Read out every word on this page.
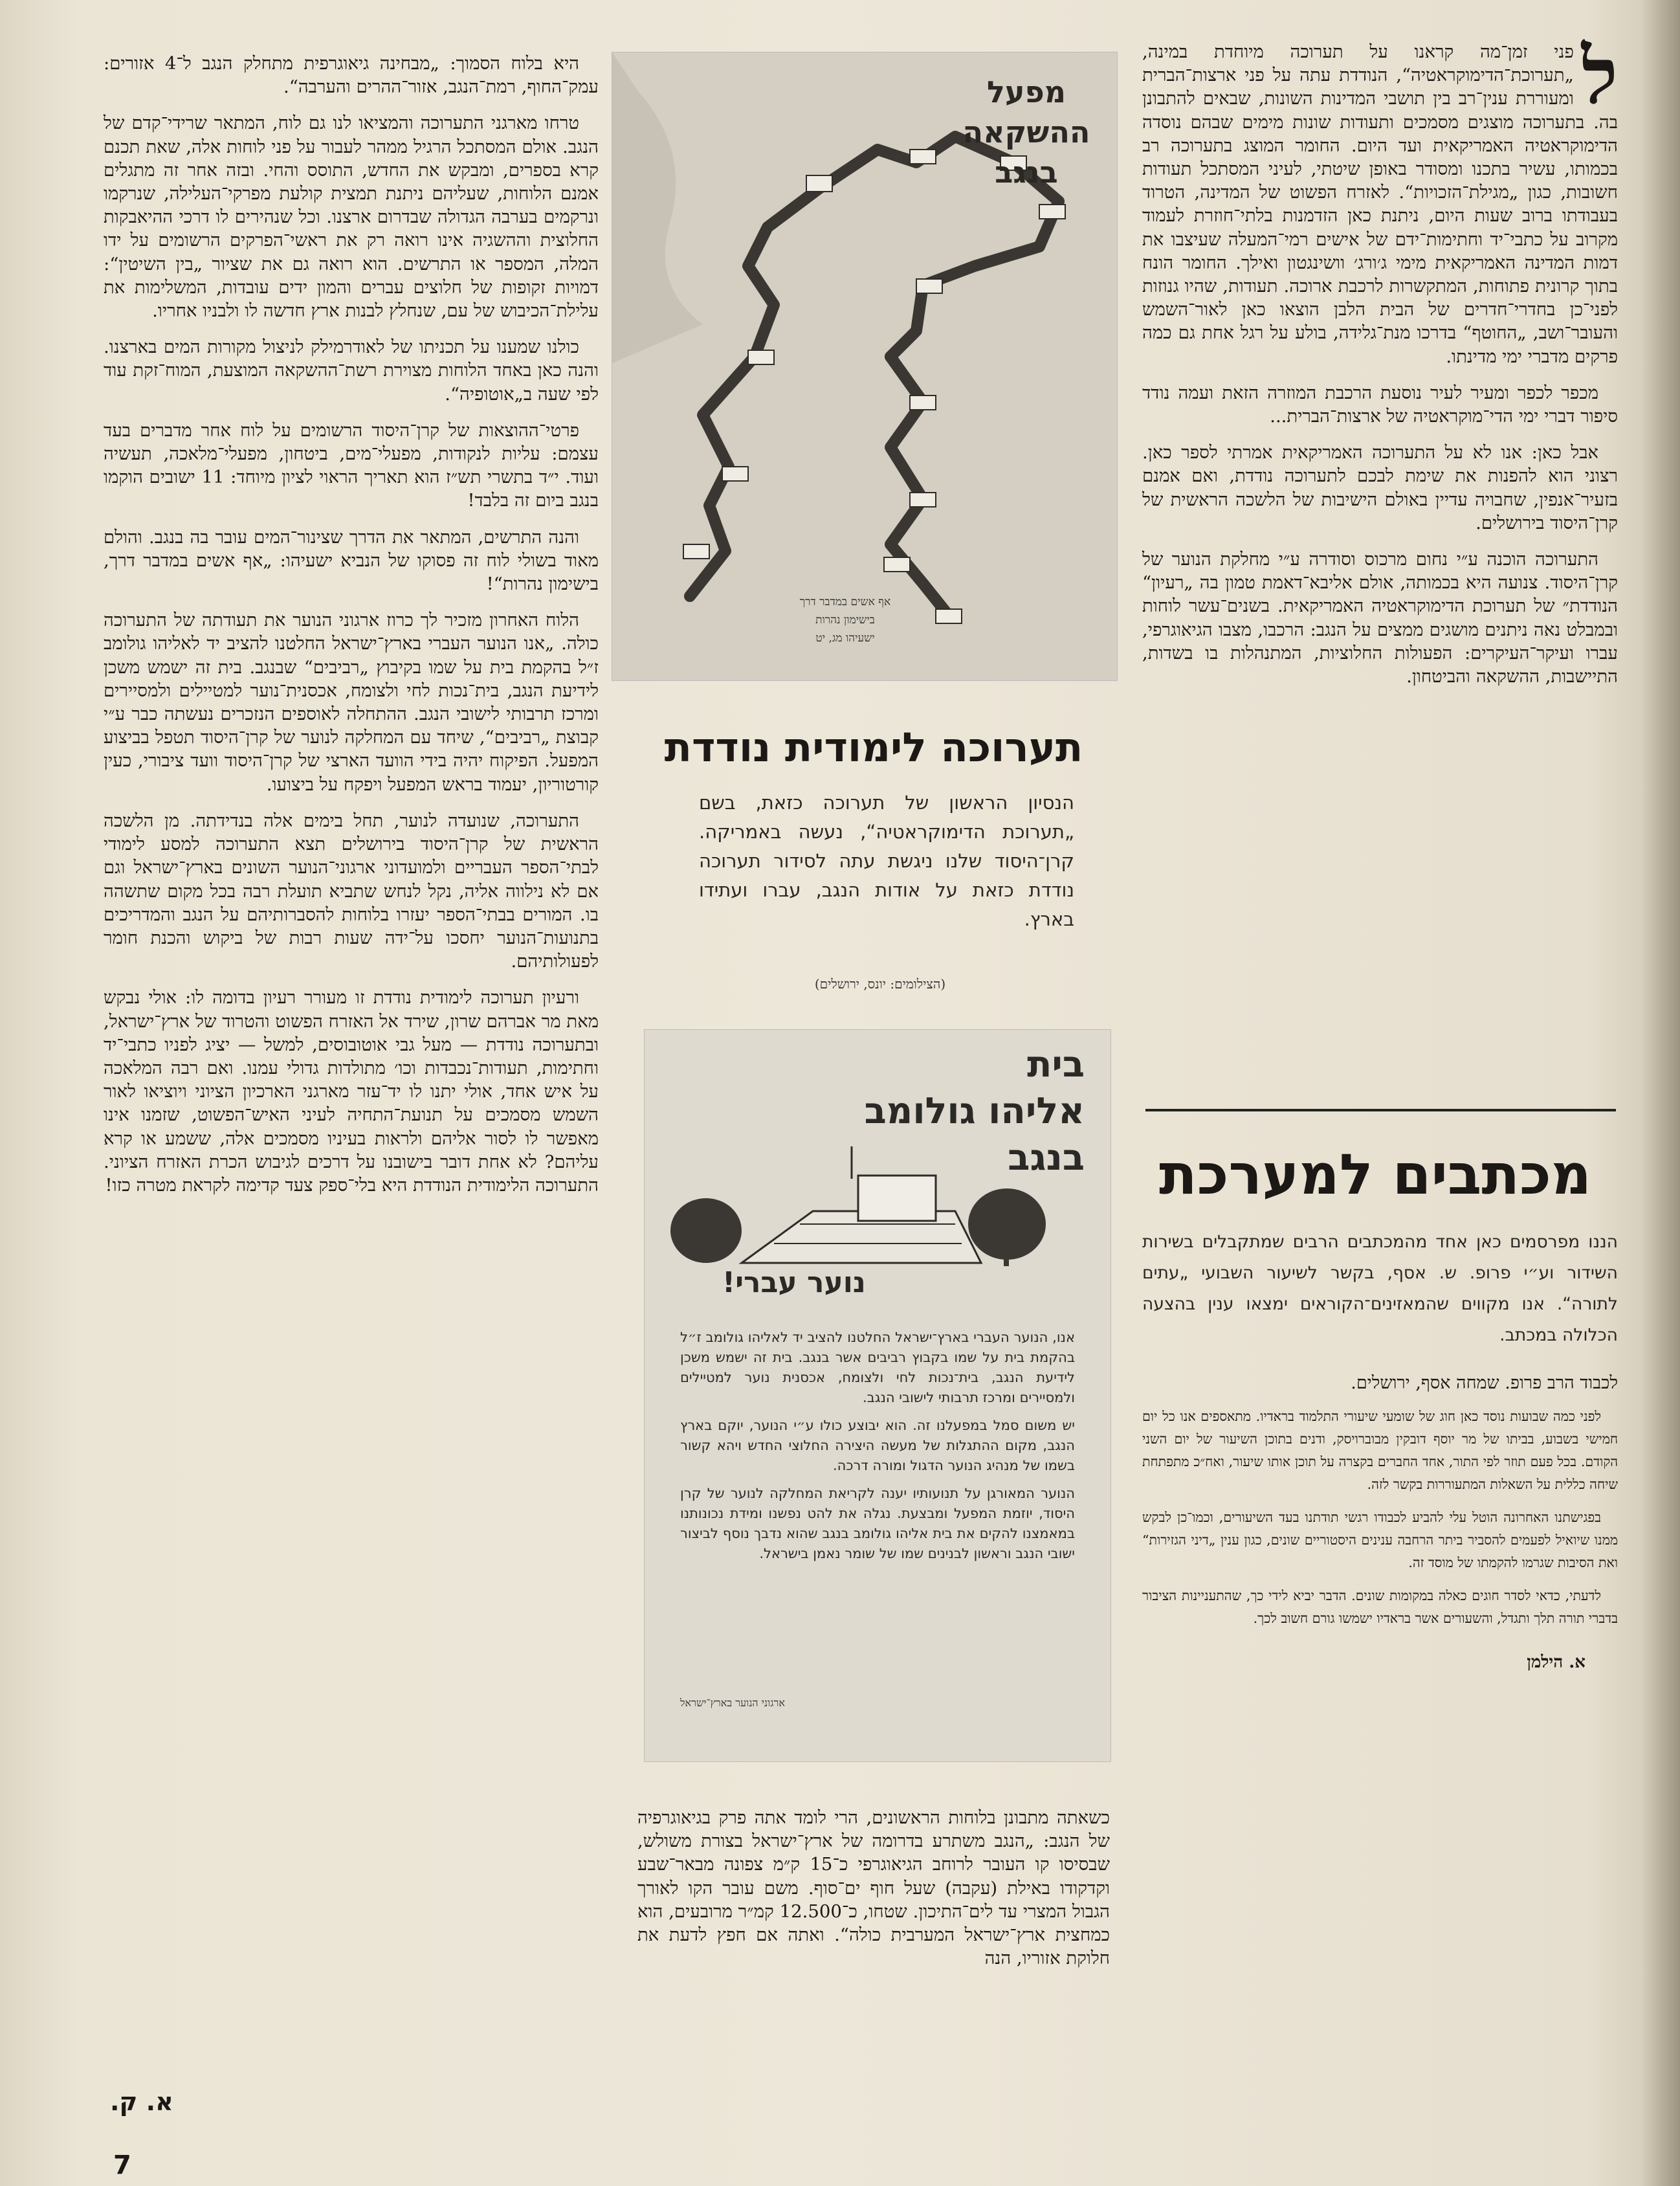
ל

פני זמן־מה קראנו על תערוכה מיוחדת במינה, „תערוכת־הדימוקראטיה“, הנודדת עתה על פני ארצות־הברית ומעוררת ענין־רב בין תושבי המדינות השונות, שבאים להתבונן בה. בתערוכה מוצגים מסמכים ותעודות שונות מימים שבהם נוסדה הדימוקראטיה האמריקאית ועד היום. החומר המוצג בתערוכה רב בכמותו, עשיר בתכנו ומסודר באופן שיטתי, לעיני המסתכל תעודות חשובות, כגון „מגילת־הזכויות“. לאזרח הפשוט של המדינה, הטרוד בעבודתו ברוב שעות היום, ניתנת כאן הזדמנות בלתי־חוזרת לעמוד מקרוב על כתבי־יד וחתימות־ידם של אישים רמי־המעלה שעיצבו את דמות המדינה האמריקאית מימי ג׳ורג׳ וושינגטון ואילך. החומר הונח בתוך קרונית פתוחות, המתקשרות לרכבת ארוכה. תעודות, שהיו גנוזות לפני־כן בחדרי־חדרים של הבית הלבן הוצאו כאן לאור־השמש והעובר־ושב, „החוטף“ בדרכו מנת־גלידה, בולע על רגל אחת גם כמה פרקים מדברי ימי מדינתו.

מכפר לכפר ומעיר לעיר נוסעת הרכבת המוזרה הזאת ועמה נודד סיפור דברי ימי הדי־מוקראטיה של ארצות־הברית...

אבל כאן: אנו לא על התערוכה האמריקאית אמרתי לספר כאן. רצוני הוא להפנות את שימת לבכם לתערוכה נודדת, ואם אמנם בזעיר־אנפין, שחבויה עדיין באולם הישיבות של הלשכה הראשית של קרן־היסוד בירושלים.

התערוכה הוכנה ע״י נחום מרכוס וסודרה ע״י מחלקת הנוער של קרן־היסוד. צנועה היא בכמותה, אולם אליבא־דאמת טמון בה „רעיון“ הנודדת״ של תערוכת הדימוקראטיה האמריקאית. בשנים־עשר לוחות ובמבלט נאה ניתנים מושגים ממצים על הנגב: הרכבו, מצבו הגיאוגרפי, עברו ועיקר־העיקרים: הפעולות החלוציות, המתנהלות בו בשדות, התיישבות, ההשקאה והביטחון.

מכתבים למערכת
הננו מפרסמים כאן אחד מהמכתבים הרבים שמתקבלים בשירות השידור וע״י פרופ. ש. אסף, בקשר לשיעור השבועי „עתים לתורה“. אנו מקווים שהמאזינים־הקוראים ימצאו ענין בהצעה הכלולה במכתב.
לכבוד הרב פרופ. שמחה אסף, ירושלים.

לפני כמה שבועות נוסד כאן חוג של שומעי שיעורי התלמוד בראדיו. מתאספים אנו כל יום חמישי בשבוע, בביתו של מר יוסף דובקין מבוברויסק, ודנים בתוכן השיעור של יום השני הקודם. בכל פעם תוזר לפי התור, אחד החברים בקצרה על תוכן אותו שיעור, ואח״כ מתפתחת שיחה כללית על השאלות המתעוררות בקשר לזה.

בפגישתנו האחרונה הוטל עלי להביע לכבודו רגשי תודתנו בעד השיעורים, וכמו־כן לבקש ממנו שיואיל לפעמים להסביר ביתר הרחבה ענינים היסטוריים שונים, כגון ענין „דיני הגזירות“ ואת הסיבות שגרמו להקמתו של מוסד זה.

לדעתי, כדאי לסדר חוגים כאלה במקומות שונים. הדבר יביא לידי כך, שהתעניינות הציבור בדברי תורה תלך ותגדל, והשעורים אשר בראדיו ישמשו גורם חשוב לכך.

א. הילמן
מפעל
ההשקאה
בנגב
אף אשים במדבר דרך
בישימון נהרות
ישעיהו מג, יט
תערוכה לימודית נודדת
הנסיון הראשון של תערוכה כזאת, בשם „תערוכת הדימוקראטיה“, נעשה באמריקה. קרן־היסוד שלנו ניגשת עתה לסידור תערוכה נודדת כזאת על אודות הנגב, עברו ועתידו בארץ.
(הצילומים: יונס, ירושלים)
בית
אליהו גולומב
בנגב
נוער עברי!

אנו, הנוער העברי בארץ־ישראל החלטנו להציב יד לאליהו גולומב ז״ל בהקמת בית על שמו בקבוץ רביבים אשר בנגב. בית זה ישמש משכן לידיעת הנגב, בית־נכות לחי ולצומח, אכסנית נוער למטיילים ולמסיירים ומרכז תרבותי לישובי הנגב.

יש משום סמל במפעלנו זה. הוא יבוצע כולו ע״י הנוער, יוקם בארץ הנגב, מקום ההתגלות של מעשה היצירה החלוצי החדש ויהא קשור בשמו של מנהיג הנוער הדגול ומורה דרכה.

הנוער המאורגן על תנועותיו יענה לקריאת המחלקה לנוער של קרן היסוד, יוזמת המפעל ומבצעת. נגלה את להט נפשנו ומידת נכונותנו במאמצנו להקים את בית אליהו גולומב בנגב שהוא נדבך נוסף לביצור ישובי הנגב וראשון לבנינים שמו של שומר נאמן בישראל.

ארגוני הנוער בארץ־ישראל

כשאתה מתבונן בלוחות הראשונים, הרי לומד אתה פרק בגיאוגרפיה של הנגב: „הנגב משתרע בדרומה של ארץ־ישראל בצורת משולש, שבסיסו קו העובר לרוחב הגיאוגרפי כ־15 ק״מ צפונה מבאר־שבע וקדקודו באילת (עקבה) שעל חוף ים־סוף. משם עובר הקו לאורך הגבול המצרי עד לים־התיכון. שטחו, כ־12.500 קמ״ר מרובעים, הוא כמחצית ארץ־ישראל המערבית כולה“. ואתה אם חפץ לדעת את חלוקת אזוריו, הנה

היא בלוח הסמוך: „מבחינה גיאוגרפית מתחלק הנגב ל־4 אזורים: עמק־החוף, רמת־הנגב, אזור־ההרים והערבה“.

טרחו מארגני התערוכה והמציאו לנו גם לוח, המתאר שרידי־קדם של הנגב. אולם המסתכל הרגיל ממהר לעבור על פני לוחות אלה, שאת תכנם קרא בספרים, ומבקש את החדש, התוסס והחי. ובזה אחר זה מתגלים אמנם הלוחות, שעליהם ניתנת תמצית קולעת מפרקי־העלילה, שנרקמו ונרקמים בערבה הגדולה שבדרום ארצנו. וכל שנהירים לו דרכי ההיאבקות החלוצית וההשגיה אינו רואה רק את ראשי־הפרקים הרשומים על ידו המלה, המספר או התרשים. הוא רואה גם את שציור „בין השיטין“: דמויות זקופות של חלוצים עברים והמון ידים עובדות, המשלימות את עלילת־הכיבוש של עם, שנחלץ לבנות ארץ חדשה לו ולבניו אחריו.

כולנו שמענו על תכניתו של לאודרמילק לניצול מקורות המים בארצנו. והנה כאן באחד הלוחות מצוירת רשת־ההשקאה המוצעת, המוח־זקת עוד לפי שעה ב„אוטופיה“.

פרטי־ההוצאות של קרן־היסוד הרשומים על לוח אחר מדברים בעד עצמם: עליות לנקודות, מפעלי־מים, ביטחון, מפעלי־מלאכה, תעשיה ועוד. י״ד בתשרי תש״ז הוא תאריך הראוי לציון מיוחד: 11 ישובים הוקמו בנגב ביום זה בלבד!

והנה התרשים, המתאר את הדרך שצינור־המים עובר בה בנגב. והולם מאוד בשולי לוח זה פסוקו של הנביא ישעיהו: „אף אשים במדבר דרך, בישימון נהרות“!

הלוח האחרון מזכיר לך כרוז ארגוני הנוער את תעודתה של התערוכה כולה. „אנו הנוער העברי בארץ־ישראל החלטנו להציב יד לאליהו גולומב ז״ל בהקמת בית על שמו בקיבוץ „רביבים“ שבנגב. בית זה ישמש משכן לידיעת הנגב, בית־נכות לחי ולצומח, אכסנית־נוער למטיילים ולמסיירים ומרכז תרבותי לישובי הנגב. ההתחלה לאוספים הנזכרים נעשתה כבר ע״י קבוצת „רביבים“, שיחד עם המחלקה לנוער של קרן־היסוד תטפל בביצוע המפעל. הפיקוח יהיה בידי הוועד הארצי של קרן־היסוד וועד ציבורי, כעין קורטוריון, יעמוד בראש המפעל ויפקח על ביצועו.

התערוכה, שנועדה לנוער, תחל בימים אלה בנדידתה. מן הלשכה הראשית של קרן־היסוד בירושלים תצא התערוכה למסע לימודי לבתי־הספר העבריים ולמועדוני ארגוני־הנוער השונים בארץ־ישראל וגם אם לא נילווה אליה, נקל לנחש שתביא תועלת רבה בכל מקום שתשהה בו. המורים בבתי־הספר יעזרו בלוחות להסברותיהם על הנגב והמדריכים בתנועות־הנוער יחסכו על־ידה שעות רבות של ביקוש והכנת חומר לפעולותיהם.

ורעיון תערוכה לימודית נודדת זו מעורר רעיון בדומה לו: אולי נבקש מאת מר אברהם שרון, שירד אל האזרח הפשוט והטרוד של ארץ־ישראל, ובתערוכה נודדת — מעל גבי אוטובוסים, למשל — יציג לפניו כתבי־יד וחתימות, תעודות־נכבדות וכו׳ מתולדות גדולי עמנו. ואם רבה המלאכה על איש אחד, אולי יתנו לו יד־עזר מארגני הארכיון הציוני ויוציאו לאור השמש מסמכים על תנועת־התחיה לעיני האיש־הפשוט, שזמנו אינו מאפשר לו לסור אליהם ולראות בעיניו מסמכים אלה, ששמע או קרא עליהם? לא אחת דובר בישובנו על דרכים לגיבוש הכרת האזרח הציוני. התערוכה הלימודית הנודדת היא בלי־ספק צעד קדימה לקראת מטרה כזו!

א. ק.
7
